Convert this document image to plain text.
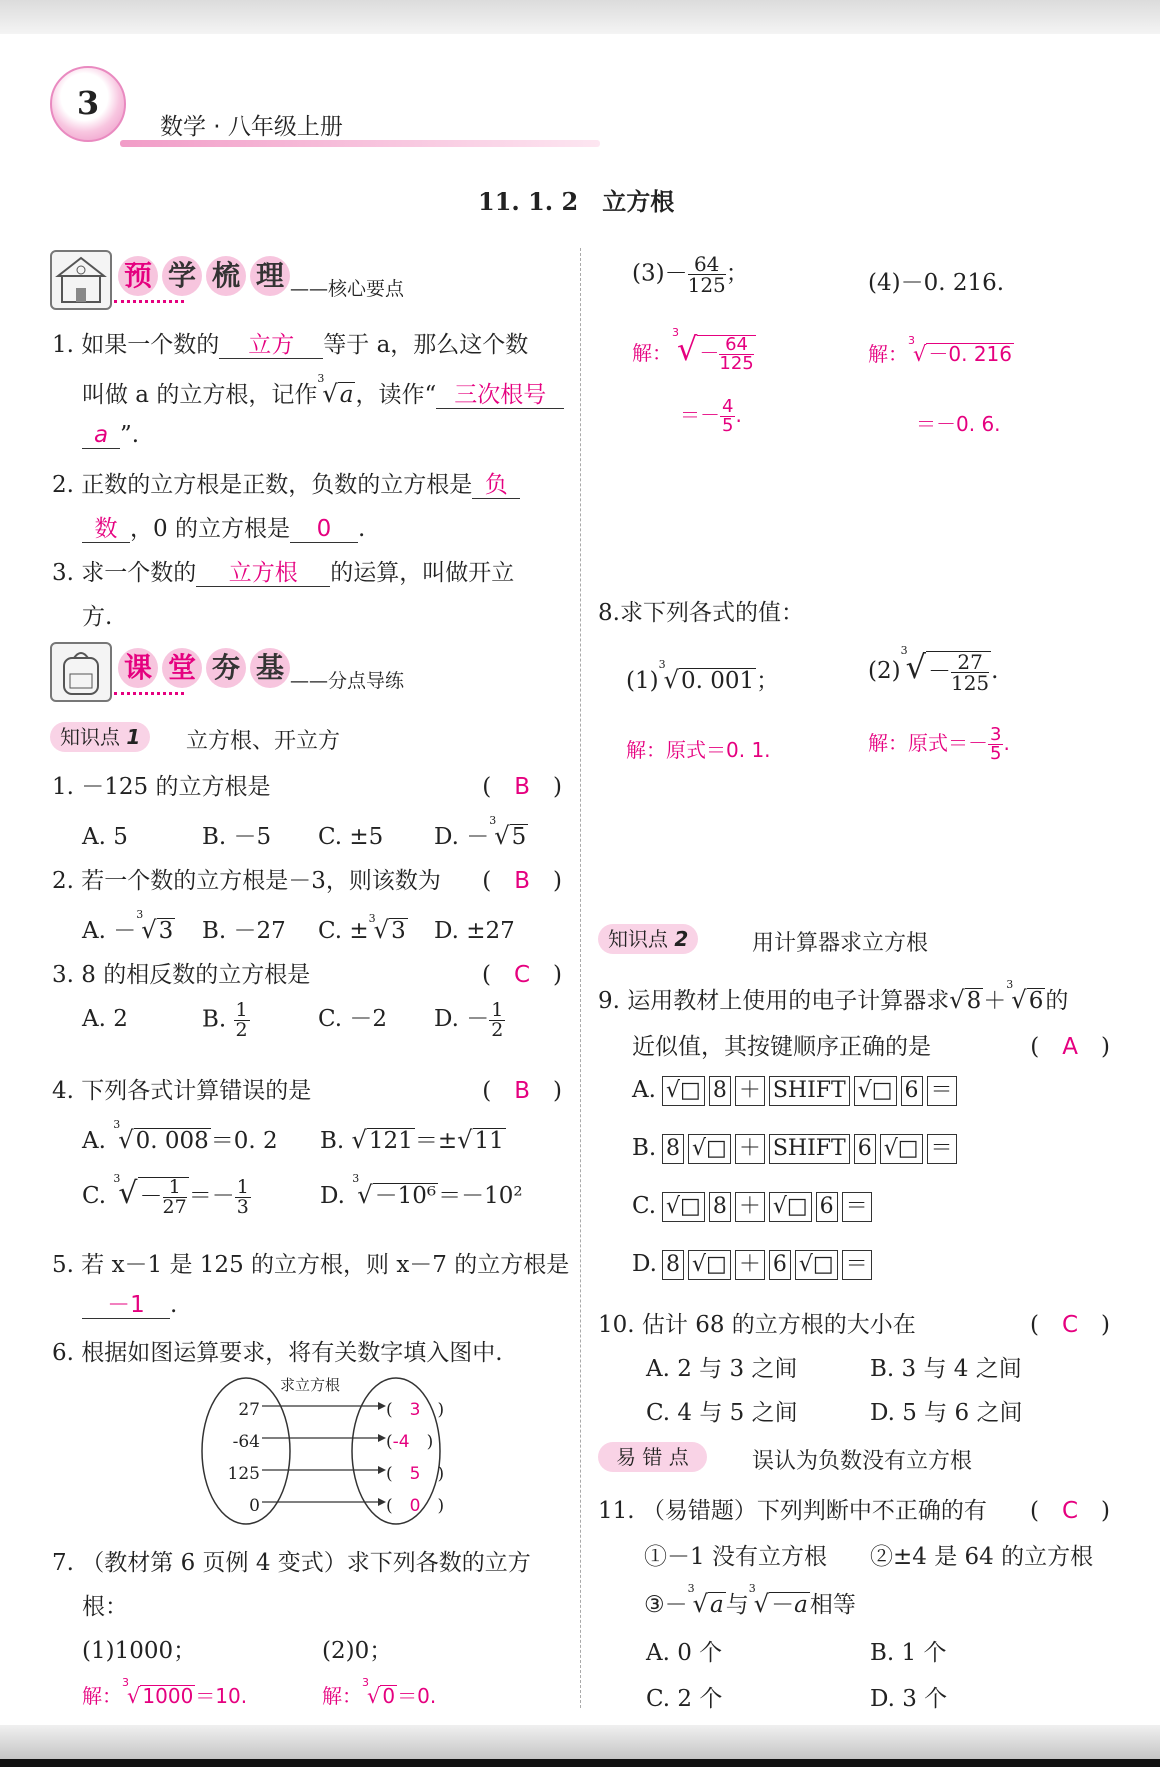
3
数学 · 八年级上册
11. 1. 2　立方根
预 学 梳 理 ——核心要点
1. 如果一个数的 立方 等于 a，那么这个数
叫做 a 的立方根，记作$^3$√a，读作“ 三次根号
a ”.
2. 正数的立方根是正数，负数的立方根是 负
数 ，0 的立方根是 0 .
3. 求一个数的 立方根 的运算，叫做开立
方.
课 堂 夯 基 ——分点导练
知识点 1	立方根、开立方
1. －125 的立方根是	(　B　)
A. 5	B. －5 C. ±5 D. －$^3$√5
2. 若一个数的立方根是－3，则该数为 (　B　)
A. －$^3$√3 B. －27 C. ±$^3$√3 D. ±27
3. 8 的相反数的立方根是	(　C　)
A. 2	B. $\frac{1}{2}$	C. －2 D. － $\frac{1}{2}$
4. 下列各式计算错误的是	(　B　)
A. $^3$√0. 008＝0. 2 B. √121＝±√11
C. $^3√- \frac{1}{27} =- \frac{1}{3}$	D. $^3$√－10⁶＝－10²
5. 若 x－1 是 125 的立方根，则 x－7 的立方根是
－1 .
6. 根据如图运算要求，将有关数字填入图中.
求立方根
27
-64
125
0
(　3　)
(-4　)
(　5　)
(　0　)
7. （教材第 6 页例 4 变式）求下列各数的立方
根：
(1)1000；	(2)0；
解：$^3$√ 1000 ＝10.	解：$^3$√ 0 ＝0.
$(3)- \frac{64}{125}$ ；	(4)－0. 216.
解：$^3√ - \frac{64}{125}$
＝－ $\frac{4}{5}$ .
解：$^3$√ －0. 216
＝－0. 6.
8.求下列各式的值：
$(1)^3√0$. 001；	$(2)^3√- \frac{27}{125}$ .
解：原式＝0. 1.	解：原式＝－ $\frac{3}{5}$ .
知识点 2	用计算器求立方根
9. 运用教材上使用的电子计算器求√8＋$^3$√6的
近似值，其按键顺序正确的是	(　A　)
A. √□ 8 ＋ SHIFT √□ 6 ＝
B. 8 √□ ＋ SHIFT 6 √□ ＝
C. √□ 8 ＋ √□ 6 ＝
D. 8 √□ ＋ 6 √□ ＝
10. 估计 68 的立方根的大小在	(　C　)
A. 2 与 3 之间	B. 3 与 4 之间
C. 4 与 5 之间	D. 5 与 6 之间
易 错 点	误认为负数没有立方根
11. （易错题）下列判断中不正确的有 (　C　)
①－1 没有立方根 ②±4 是 64 的立方根
③－$^3$√a与$^3$√－a相等
A. 0 个	B. 1 个
C. 2 个	D. 3 个
